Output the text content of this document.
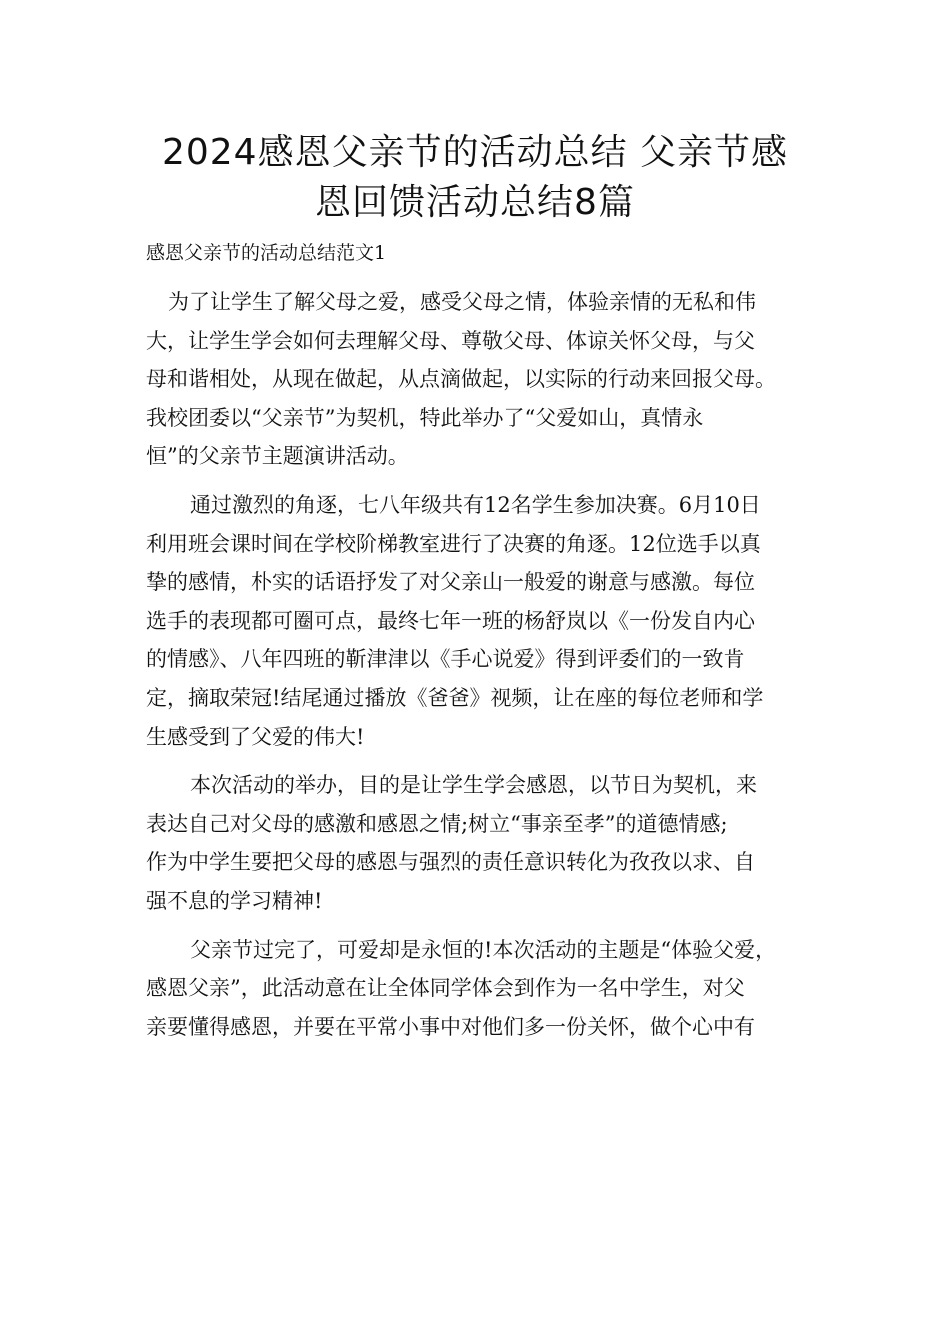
2024感恩父亲节的活动总结 父亲节感
恩回馈活动总结8篇

感恩父亲节的活动总结范文1

为了让学生了解父母之爱，感受父母之情，体验亲情的无私和伟
大，让学生学会如何去理解父母、尊敬父母、体谅关怀父母，与父
母和谐相处，从现在做起，从点滴做起，以实际的行动来回报父母。
我校团委以“父亲节”为契机，特此举办了“父爱如山，真情永
恒”的父亲节主题演讲活动。
通过激烈的角逐，七八年级共有12名学生参加决赛。6月10日
利用班会课时间在学校阶梯教室进行了决赛的角逐。12位选手以真
挚的感情，朴实的话语抒发了对父亲山一般爱的谢意与感激。每位
选手的表现都可圈可点，最终七年一班的杨舒岚以《一份发自内心
的情感》、八年四班的靳津津以《手心说爱》得到评委们的一致肯
定，摘取荣冠!结尾通过播放《爸爸》视频，让在座的每位老师和学
生感受到了父爱的伟大!
本次活动的举办，目的是让学生学会感恩，以节日为契机，来
表达自己对父母的感激和感恩之情;树立“事亲至孝”的道德情感;
作为中学生要把父母的感恩与强烈的责任意识转化为孜孜以求、自
强不息的学习精神!
父亲节过完了，可爱却是永恒的!本次活动的主题是“体验父爱，
感恩父亲”，此活动意在让全体同学体会到作为一名中学生，对父
亲要懂得感恩，并要在平常小事中对他们多一份关怀，做个心中有
